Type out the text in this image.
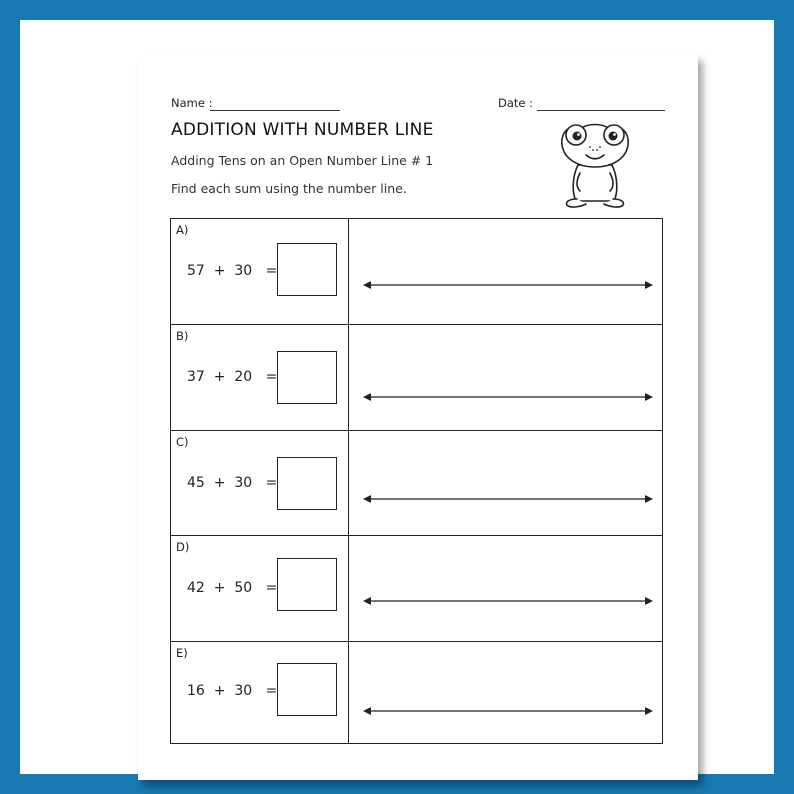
Name :	Date :
ADDITION WITH NUMBER LINE
Adding Tens on an Open Number Line # 1
Find each sum using the number line.
A)
57 + 30 =
B)
37 + 20 =
C)
45 + 30 =
D)
42 + 50 =
E)
16 + 30 =
